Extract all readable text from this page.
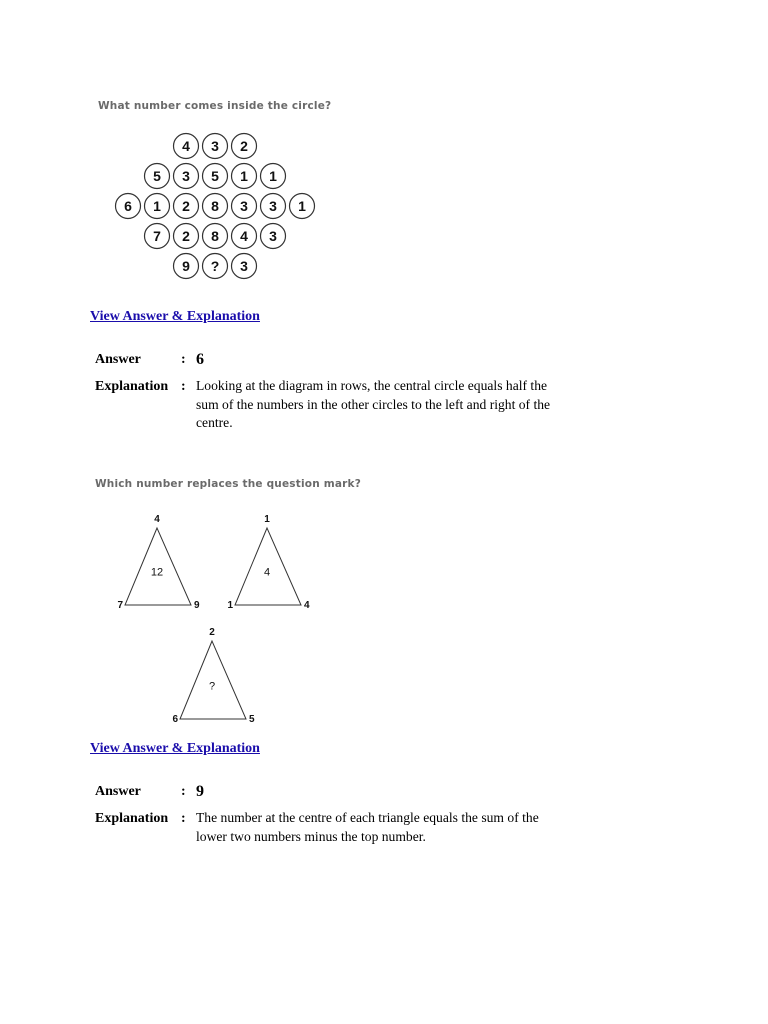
What number comes inside the circle?

4 3 2
5 3 5 1 1
6 1 2 8 3 3 1
7 2 8 4 3
9 ? 3
View Answer & Explanation
Answer	: 6
Explanation : Looking at the diagram in rows, the central circle equals half the sum of the numbers in the other circles to the left and right of the centre.

Which number replaces the question mark?

4
7	9
12
1
1	4
4
2
6	5
?
View Answer & Explanation
Answer	: 9
Explanation : The number at the centre of each triangle equals the sum of the lower two numbers minus the top number.
